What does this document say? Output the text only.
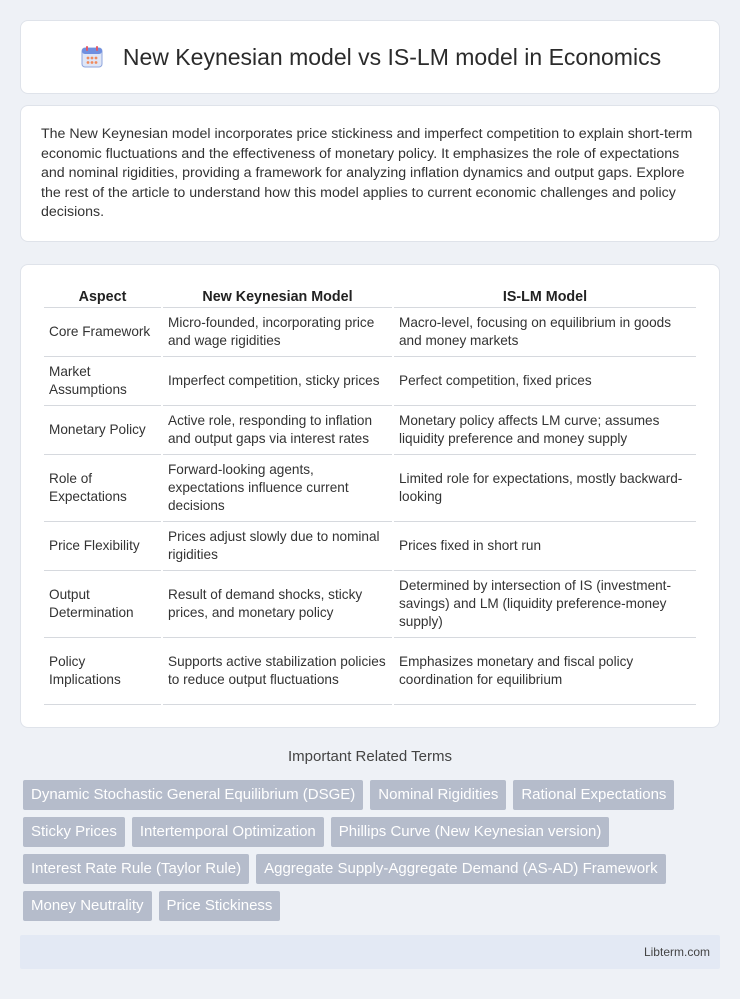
New Keynesian model vs IS-LM model in Economics

The New Keynesian model incorporates price stickiness and imperfect competition to explain short-term economic fluctuations and the effectiveness of monetary policy. It emphasizes the role of expectations and nominal rigidities, providing a framework for analyzing inflation dynamics and output gaps. Explore the rest of the article to understand how this model applies to current economic challenges and policy decisions.

Aspect	New Keynesian Model	IS-LM Model
Core Framework	Micro-founded, incorporating price and wage rigidities	Macro-level, focusing on equilibrium in goods and money markets
Market Assumptions	Imperfect competition, sticky prices	Perfect competition, fixed prices
Monetary Policy	Active role, responding to inflation and output gaps via interest rates	Monetary policy affects LM curve; assumes liquidity preference and money supply
Role of Expectations	Forward-looking agents, expectations influence current decisions	Limited role for expectations, mostly backward-looking
Price Flexibility	Prices adjust slowly due to nominal rigidities	Prices fixed in short run
Output Determination	Result of demand shocks, sticky prices, and monetary policy	Determined by intersection of IS (investment-savings) and LM (liquidity preference-money supply)
Policy Implications	Supports active stabilization policies to reduce output fluctuations	Emphasizes monetary and fiscal policy coordination for equilibrium
Important Related Terms
Dynamic Stochastic General Equilibrium (DSGE)	Nominal Rigidities	Rational Expectations
Sticky Prices	Intertemporal Optimization	Phillips Curve (New Keynesian version)
Interest Rate Rule (Taylor Rule)	Aggregate Supply-Aggregate Demand (AS-AD) Framework
Money Neutrality	Price Stickiness
Libterm.com
